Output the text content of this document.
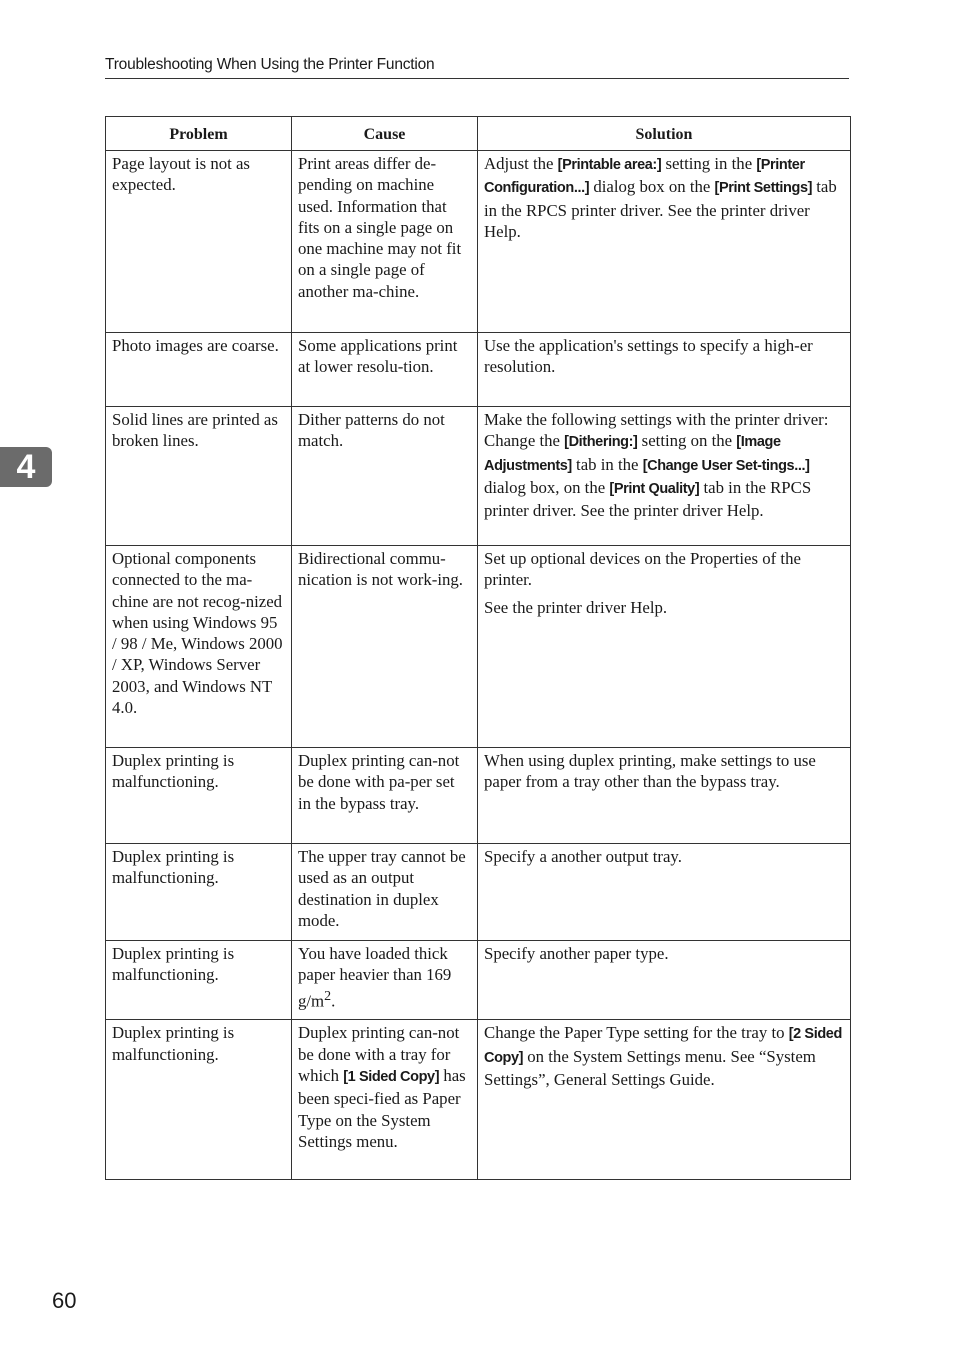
Troubleshooting When Using the Printer Function
4
Problem	Cause	Solution
Page layout is not as expected.	Print areas differ de-pending on machine used. Information that fits on a single page on one machine may not fit on a single page of another ma-chine.	Adjust the [Printable area:] setting in the [Printer Configuration...] dialog box on the [Print Settings] tab in the RPCS printer driver. See the printer driver Help.
Photo images are coarse.	Some applications print at lower resolu-tion.	Use the application's settings to specify a high-er resolution.
Solid lines are printed as broken lines.	Dither patterns do not match.	Make the following settings with the printer driver: Change the [Dithering:] setting on the [Image Adjustments] tab in the [Change User Set-tings...] dialog box, on the [Print Quality] tab in the RPCS printer driver. See the printer driver Help.
Optional components connected to the ma-chine are not recog-nized when using Windows 95 / 98 / Me, Windows 2000 / XP, Windows Server 2003, and Windows NT 4.0.	Bidirectional commu-nication is not work-ing.	Set up optional devices on the Properties of the printer.
See the printer driver Help.

Duplex printing is malfunctioning.	Duplex printing can-not be done with pa-per set in the bypass tray.	When using duplex printing, make settings to use paper from a tray other than the bypass tray.
Duplex printing is malfunctioning.	The upper tray cannot be used as an output destination in duplex mode.	Specify a another output tray.
Duplex printing is malfunctioning.	You have loaded thick paper heavier than 169 $g/m^2$.	Specify another paper type.
Duplex printing is malfunctioning.	Duplex printing can-not be done with a tray for which [1 Sided Copy] has been speci-fied as Paper Type on the System Settings menu.	Change the Paper Type setting for the tray to [2 Sided Copy] on the System Settings menu. See “System Settings”, General Settings Guide.
60
